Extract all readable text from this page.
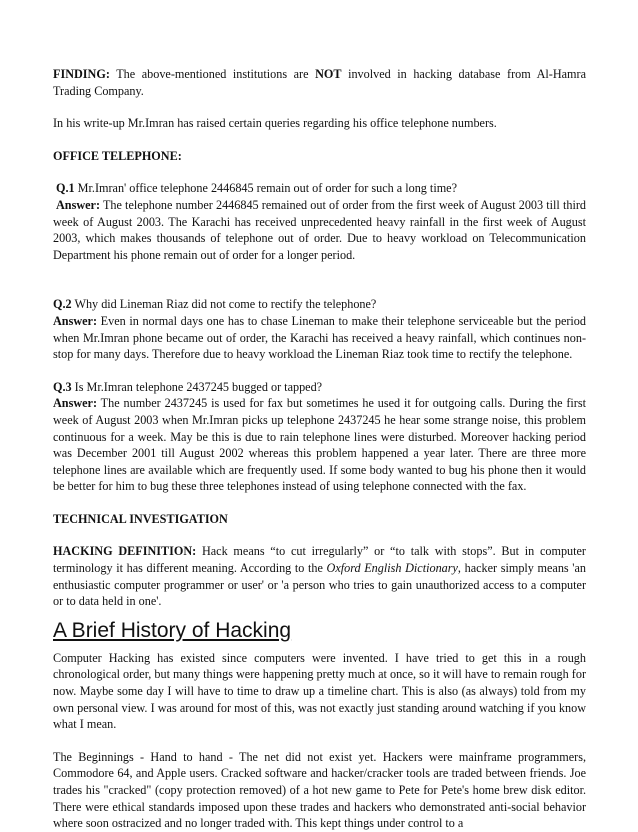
FINDING: The above-mentioned institutions are NOT involved in hacking database from Al-Hamra Trading Company.

In his write-up Mr.Imran has raised certain queries regarding his office telephone numbers.

OFFICE TELEPHONE:

Q.1 Mr.Imran' office telephone 2446845 remain out of order for such a long time?

Answer: The telephone number 2446845 remained out of order from the first week of August 2003 till third week of August 2003. The Karachi has received unprecedented heavy rainfall in the first week of August 2003, which makes thousands of telephone out of order. Due to heavy workload on Telecommunication Department his phone remain out of order for a longer period.

Q.2 Why did Lineman Riaz did not come to rectify the telephone?

Answer: Even in normal days one has to chase Lineman to make their telephone serviceable but the period when Mr.Imran phone became out of order, the Karachi has received a heavy rainfall, which continues non-stop for many days. Therefore due to heavy workload the Lineman Riaz took time to rectify the telephone.

Q.3 Is Mr.Imran telephone 2437245 bugged or tapped?

Answer: The number 2437245 is used for fax but sometimes he used it for outgoing calls. During the first week of August 2003 when Mr.Imran picks up telephone 2437245 he hear some strange noise, this problem continuous for a week. May be this is due to rain telephone lines were disturbed. Moreover hacking period was December 2001 till August 2002 whereas this problem happened a year later. There are three more telephone lines are available which are frequently used. If some body wanted to bug his phone then it would be better for him to bug these three telephones instead of using telephone connected with the fax.

TECHNICAL INVESTIGATION

HACKING DEFINITION: Hack means “to cut irregularly” or “to talk with stops”. But in computer terminology it has different meaning. According to the Oxford English Dictionary, hacker simply means 'an enthusiastic computer programmer or user' or 'a person who tries to gain unauthorized access to a computer or to data held in one'.

A Brief History of Hacking

Computer Hacking has existed since computers were invented. I have tried to get this in a rough chronological order, but many things were happening pretty much at once, so it will have to remain rough for now. Maybe some day I will have to time to draw up a timeline chart. This is also (as always) told from my own personal view. I was around for most of this, was not exactly just standing around watching if you know what I mean.

The Beginnings - Hand to hand - The net did not exist yet. Hackers were mainframe programmers, Commodore 64, and Apple users. Cracked software and hacker/cracker tools are traded between friends. Joe trades his "cracked" (copy protection removed) of a hot new game to Pete for Pete's home brew disk editor. There were ethical standards imposed upon these trades and hackers who demonstrated anti-social behavior where soon ostracized and no longer traded with. This kept things under control to a
